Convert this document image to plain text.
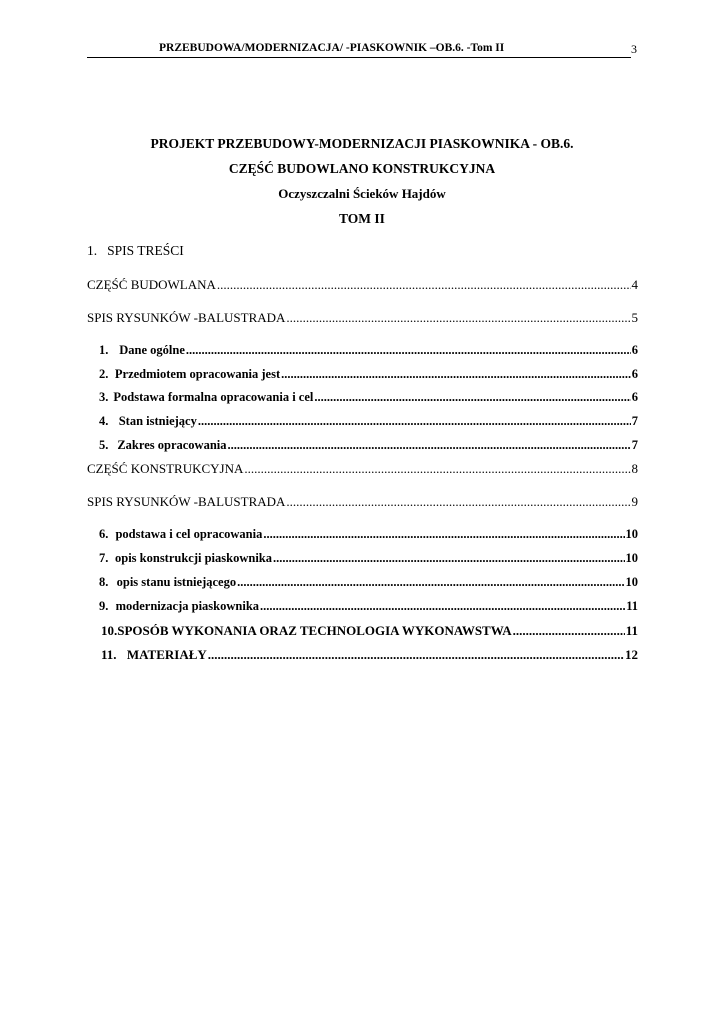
PRZEBUDOWA/MODERNIZACJA/ -PIASKOWNIK –OB.6. -Tom II	3
PROJEKT PRZEBUDOWY-MODERNIZACJI PIASKOWNIKA - OB.6.
CZĘŚĆ BUDOWLANO KONSTRUKCYJNA
Oczyszczalni Ścieków Hajdów
TOM II
1. SPIS TREŚCI
CZĘŚĆ BUDOWLANA .....	4
SPIS RYSUNKÓW -BALUSTRADA .....	5
1. Dane ogólne .....	6
2. Przedmiotem opracowania jest .....	6
3. Podstawa formalna opracowania i cel .....	6
4. Stan istniejący .....	7
5. Zakres opracowania .....	7
CZĘŚĆ KONSTRUKCYJNA .....	8
SPIS RYSUNKÓW -BALUSTRADA .....	9
6. podstawa i cel opracowania .....	10
7. opis konstrukcji piaskownika .....	10
8. opis stanu istniejącego .....	10
9. modernizacja piaskownika .....	11
10. SPOSÓB WYKONANIA ORAZ TECHNOLOGIA WYKONAWSTWA .....	11
11. MATERIAŁY .....	12
